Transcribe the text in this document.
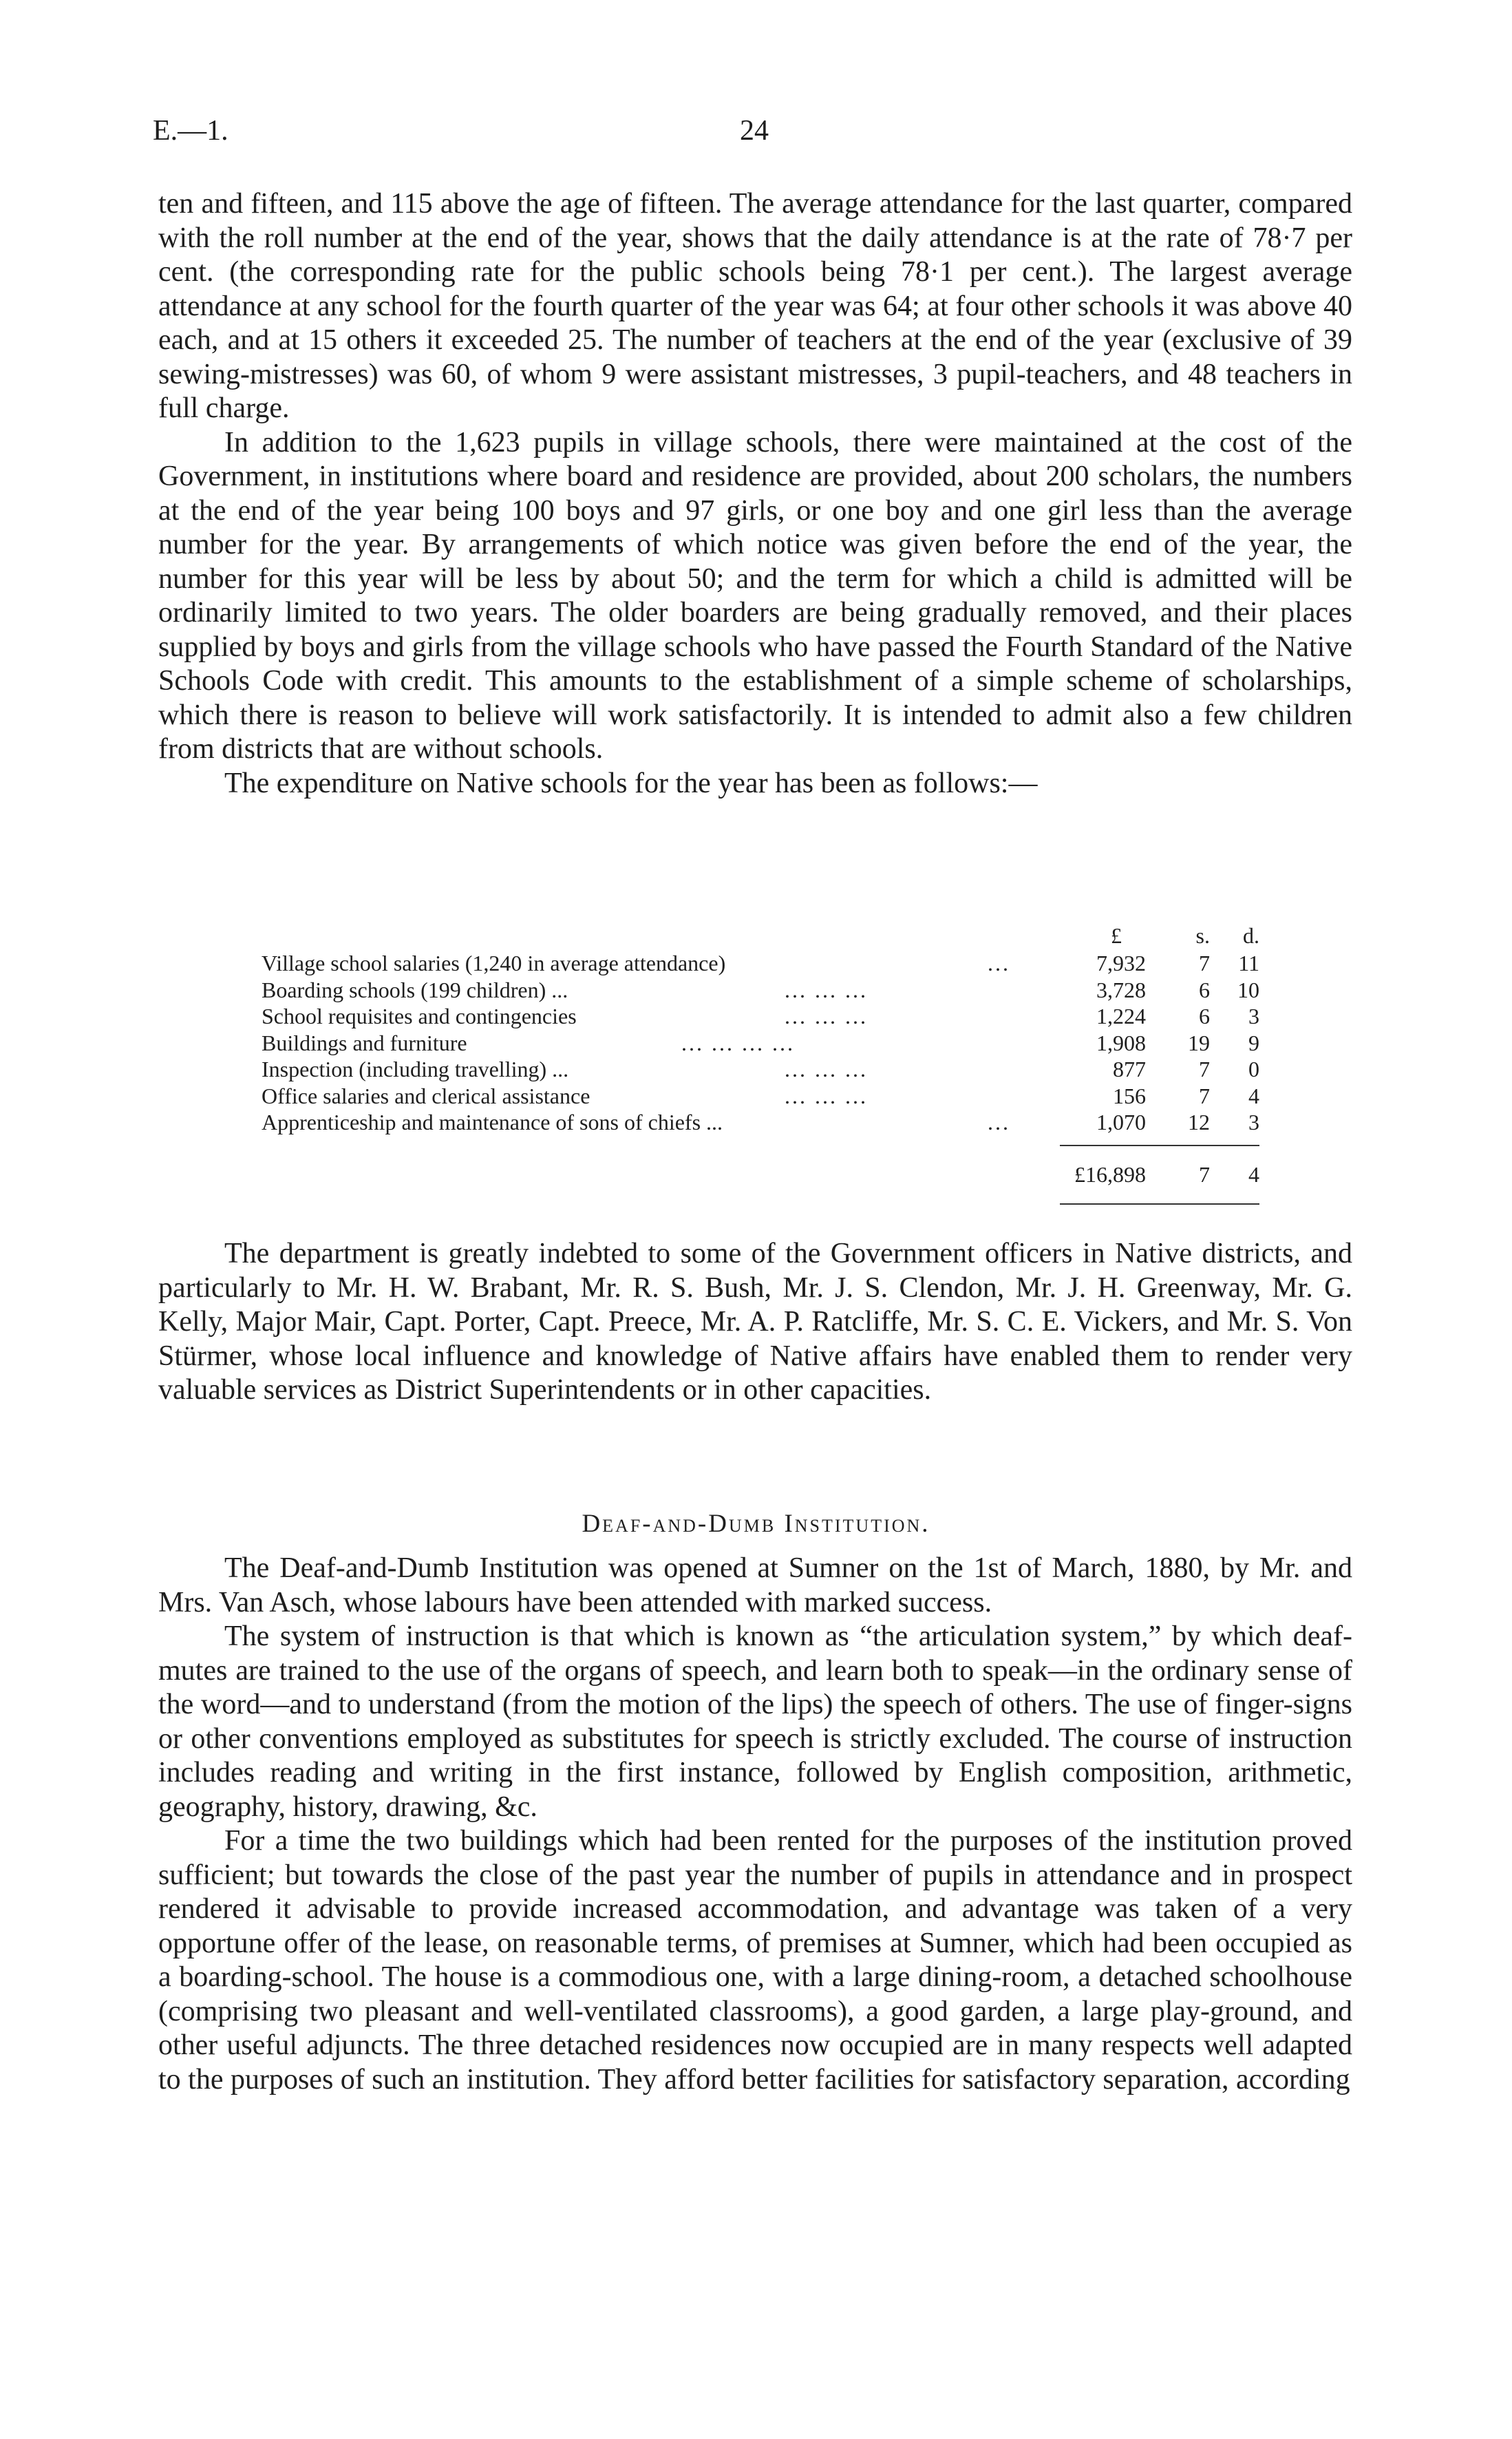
E.—1.	24

ten and fifteen, and 115 above the age of fifteen. The average attendance for the last quarter, compared with the roll number at the end of the year, shows that the daily attendance is at the rate of 78·7 per cent. (the corresponding rate for the public schools being 78·1 per cent.). The largest average attendance at any school for the fourth quarter of the year was 64; at four other schools it was above 40 each, and at 15 others it exceeded 25. The number of teachers at the end of the year (exclusive of 39 sewing-mistresses) was 60, of whom 9 were assistant mistresses, 3 pupil-teachers, and 48 teachers in full charge.

In addition to the 1,623 pupils in village schools, there were maintained at the cost of the Government, in institutions where board and residence are provided, about 200 scholars, the numbers at the end of the year being 100 boys and 97 girls, or one boy and one girl less than the average number for the year. By arrangements of which notice was given before the end of the year, the number for this year will be less by about 50; and the term for which a child is admitted will be ordinarily limited to two years. The older boarders are being gradually removed, and their places supplied by boys and girls from the village schools who have passed the Fourth Standard of the Native Schools Code with credit. This amounts to the establishment of a simple scheme of scholarships, which there is reason to believe will work satisfactorily. It is intended to admit also a few children from districts that are without schools.

The expenditure on Native schools for the year has been as follows:—

£	s.	d.
Village school salaries (1,240 in average attendance)	...	7,932	7	11
Boarding schools (199 children) ...	... ... ...	3,728	6	10
School requisites and contingencies	... ... ...	1,224	6	3
Buildings and furniture	... ... ... ...	1,908	19	9
Inspection (including travelling) ...	... ... ...	877	7	0
Office salaries and clerical assistance	... ... ...	156	7	4
Apprenticeship and maintenance of sons of chiefs ...	...	1,070	12	3
£16,898	7	4

The department is greatly indebted to some of the Government officers in Native districts, and particularly to Mr. H. W. Brabant, Mr. R. S. Bush, Mr. J. S. Clendon, Mr. J. H. Greenway, Mr. G. Kelly, Major Mair, Capt. Porter, Capt. Preece, Mr. A. P. Ratcliffe, Mr. S. C. E. Vickers, and Mr. S. Von Stürmer, whose local influence and knowledge of Native affairs have enabled them to render very valuable services as District Superintendents or in other capacities.

Deaf-and-Dumb Institution.

The Deaf-and-Dumb Institution was opened at Sumner on the 1st of March, 1880, by Mr. and Mrs. Van Asch, whose labours have been attended with marked success.

The system of instruction is that which is known as “the articulation system,” by which deaf-mutes are trained to the use of the organs of speech, and learn both to speak—in the ordinary sense of the word—and to understand (from the motion of the lips) the speech of others. The use of finger-signs or other conventions employed as substitutes for speech is strictly excluded. The course of instruction includes reading and writing in the first instance, followed by English composition, arithmetic, geography, history, drawing, &c.

For a time the two buildings which had been rented for the purposes of the institution proved sufficient; but towards the close of the past year the number of pupils in attendance and in prospect rendered it advisable to provide increased accommodation, and advantage was taken of a very opportune offer of the lease, on reasonable terms, of premises at Sumner, which had been occupied as a boarding-school. The house is a commodious one, with a large dining-room, a detached schoolhouse (comprising two pleasant and well-ventilated classrooms), a good garden, a large play-ground, and other useful adjuncts. The three detached residences now occupied are in many respects well adapted to the purposes of such an institution. They afford better facilities for satisfactory separation, according
